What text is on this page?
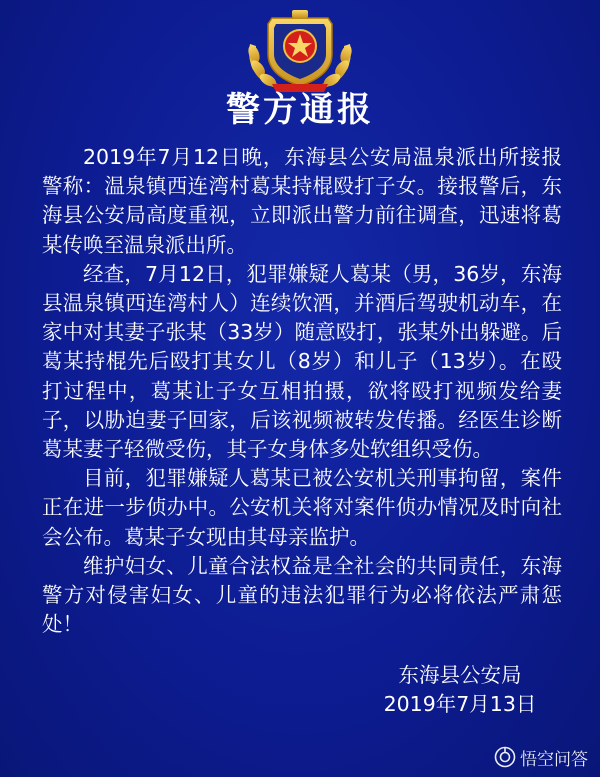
警方通报

2019年7月12日晚，东海县公安局温泉派出所接报警称：温泉镇西连湾村葛某持棍殴打子女。接报警后，东海县公安局高度重视，立即派出警力前往调查，迅速将葛某传唤至温泉派出所。

经查，7月12日，犯罪嫌疑人葛某（男，36岁，东海县温泉镇西连湾村人）连续饮酒，并酒后驾驶机动车，在家中对其妻子张某（33岁）随意殴打，张某外出躲避。后葛某持棍先后殴打其女儿（8岁）和儿子（13岁）。在殴打过程中，葛某让子女互相拍摄，欲将殴打视频发给妻子，以胁迫妻子回家，后该视频被转发传播。经医生诊断葛某妻子轻微受伤，其子女身体多处软组织受伤。

目前，犯罪嫌疑人葛某已被公安机关刑事拘留，案件正在进一步侦办中。公安机关将对案件侦办情况及时向社会公布。葛某子女现由其母亲监护。

维护妇女、儿童合法权益是全社会的共同责任，东海警方对侵害妇女、儿童的违法犯罪行为必将依法严肃惩处！

东海县公安局
2019年7月13日
悟空问答
